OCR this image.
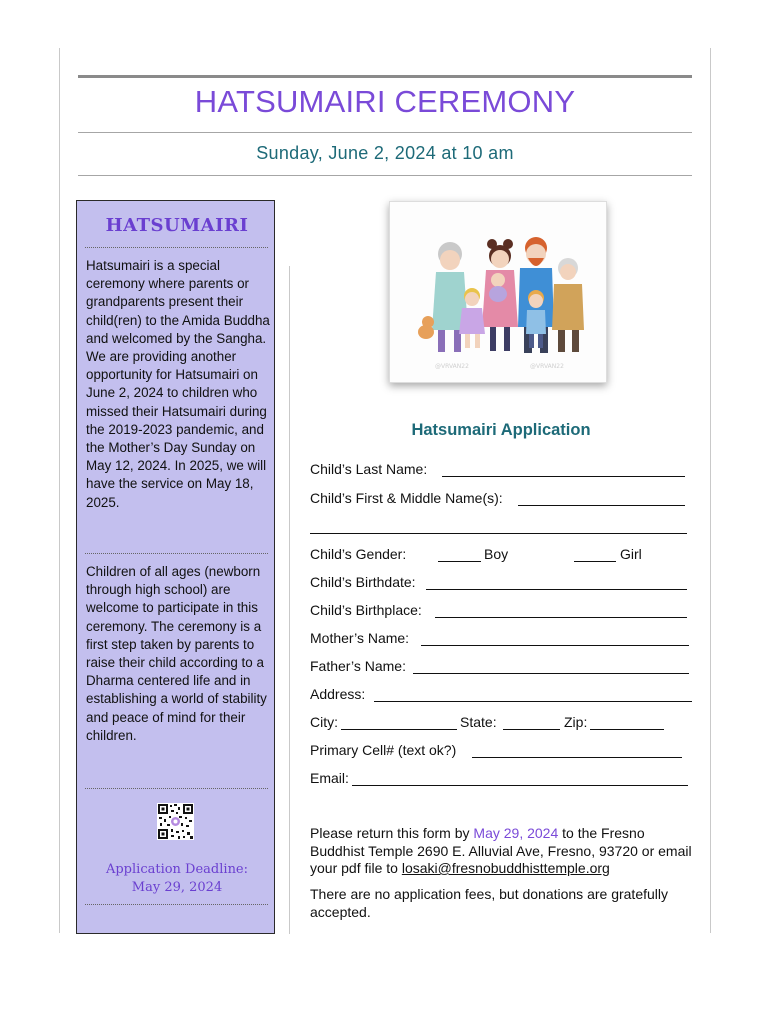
HATSUMAIRI CEREMONY
Sunday, June 2, 2024 at 10 am
HATSUMAIRI
Hatsumairi is a special ceremony where parents or grandparents present their child(ren) to the Amida Buddha and welcomed by the Sangha. We are providing another opportunity for Hatsumairi on June 2, 2024 to children who missed their Hatsumairi during the 2019-2023 pandemic, and the Mother’s Day Sunday on May 12, 2024. In 2025, we will have the service on May 18, 2025.
Children of all ages (newborn through high school) are welcome to participate in this ceremony. The ceremony is a first step taken by parents to raise their child according to a Dharma centered life and in establishing a world of stability and peace of mind for their children.
Application Deadline:
May 29, 2024
@VRVAN22	@VRVAN22
Hatsumairi Application
Child’s Last Name:
Child’s First & Middle Name(s):
Child’s Gender:	Boy	Girl
Child’s Birthdate:
Child’s Birthplace:
Mother’s Name:
Father’s Name:
Address:
City:	State:	Zip:
Primary Cell# (text ok?)
Email:
Please return this form by May 29, 2024 to the Fresno Buddhist Temple 2690 E. Alluvial Ave, Fresno, 93720 or email your pdf file to losaki@fresnobuddhisttemple.org
There are no application fees, but donations are gratefully accepted.
